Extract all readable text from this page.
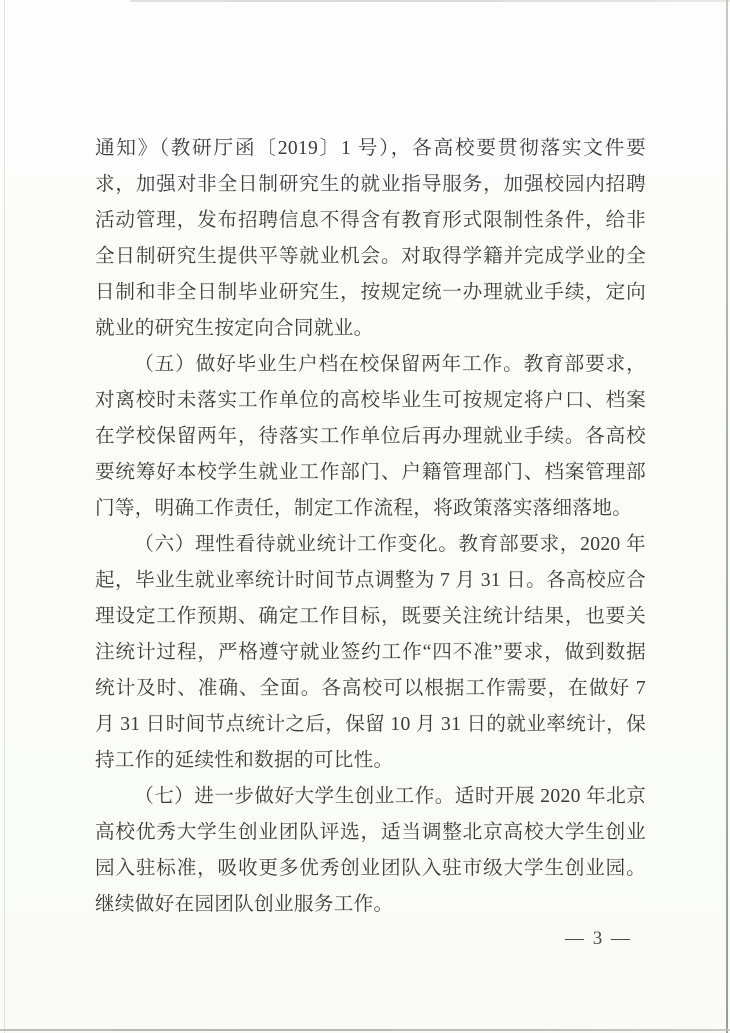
通知》（教研厅函〔2019〕1 号），各高校要贯彻落实文件要求，加强对非全日制研究生的就业指导服务，加强校园内招聘活动管理，发布招聘信息不得含有教育形式限制性条件，给非全日制研究生提供平等就业机会。对取得学籍并完成学业的全日制和非全日制毕业研究生，按规定统一办理就业手续，定向就业的研究生按定向合同就业。

（五）做好毕业生户档在校保留两年工作。教育部要求，对离校时未落实工作单位的高校毕业生可按规定将户口、档案在学校保留两年，待落实工作单位后再办理就业手续。各高校要统筹好本校学生就业工作部门、户籍管理部门、档案管理部门等，明确工作责任，制定工作流程，将政策落实落细落地。

（六）理性看待就业统计工作变化。教育部要求，2020 年起，毕业生就业率统计时间节点调整为 7 月 31 日。各高校应合理设定工作预期、确定工作目标，既要关注统计结果，也要关注统计过程，严格遵守就业签约工作“四不准”要求，做到数据统计及时、准确、全面。各高校可以根据工作需要，在做好 7 月 31 日时间节点统计之后，保留 10 月 31 日的就业率统计，保持工作的延续性和数据的可比性。

（七）进一步做好大学生创业工作。适时开展 2020 年北京高校优秀大学生创业团队评选，适当调整北京高校大学生创业园入驻标准，吸收更多优秀创业团队入驻市级大学生创业园。继续做好在园团队创业服务工作。

— 3 —
